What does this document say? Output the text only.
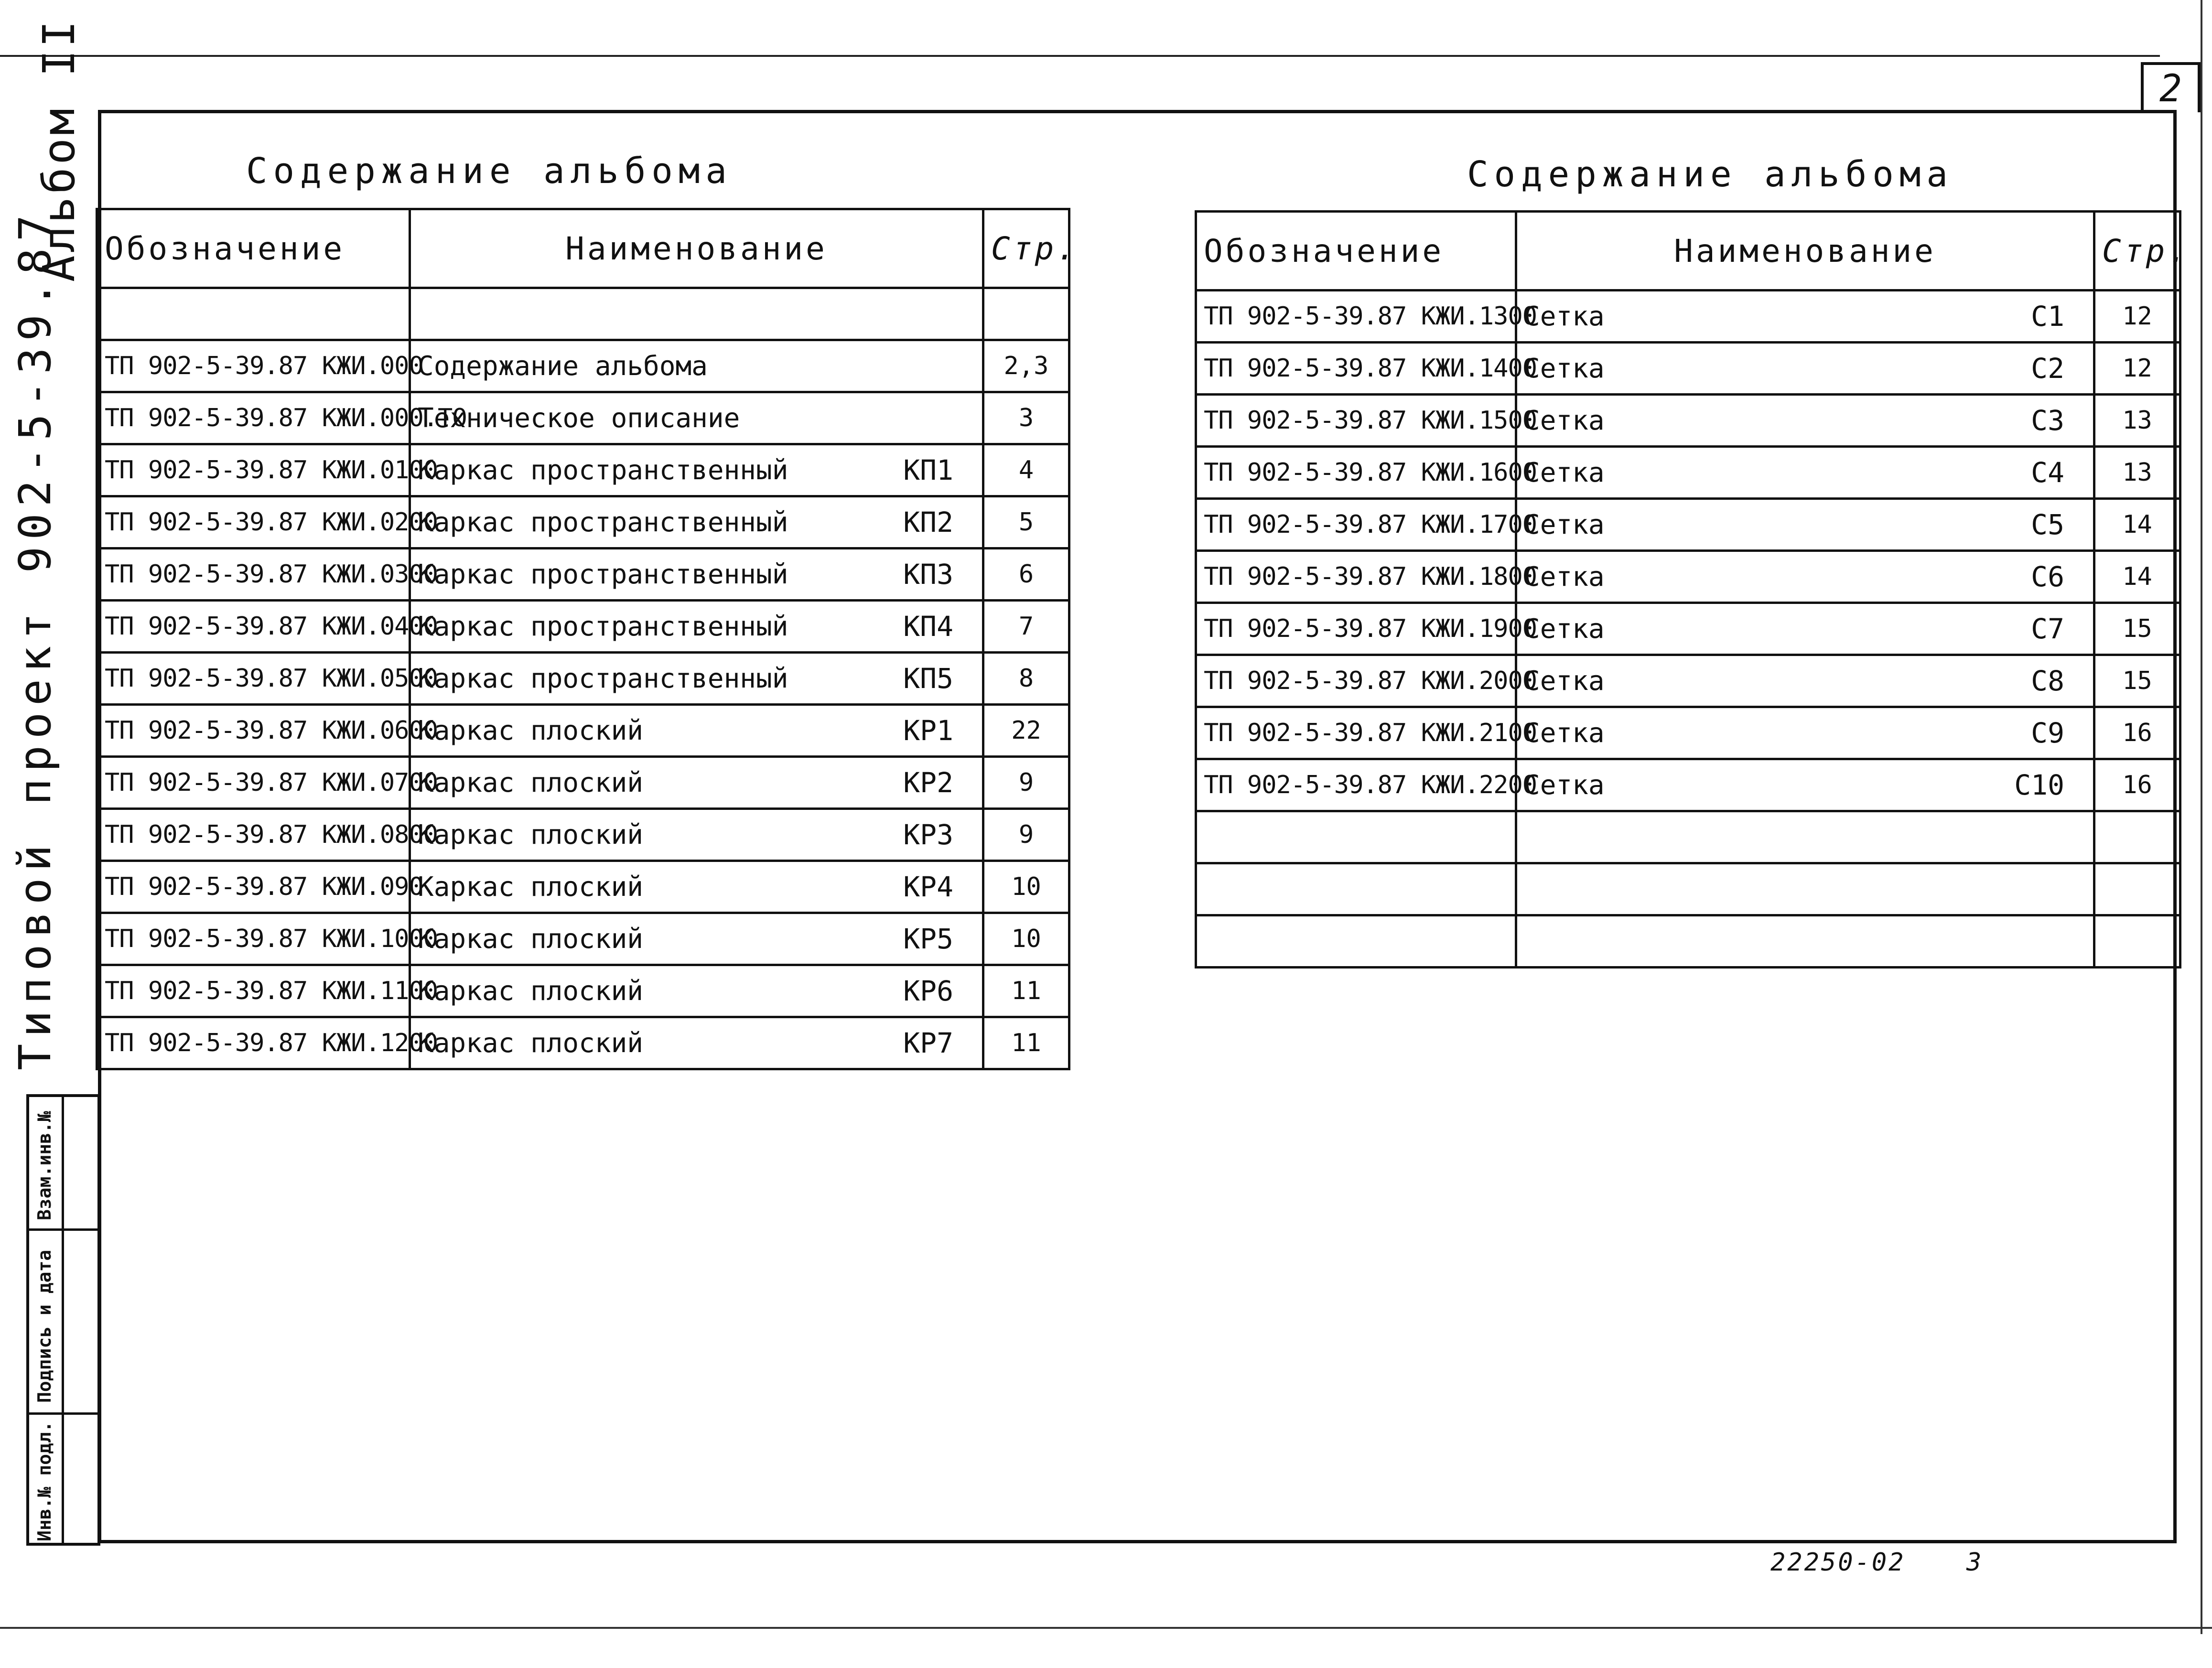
2
Альбом II
Типовой проект 902-5-39.87
Взам.инв.№
Подпись и дата
Инв.№ подл.
Содержание альбома
Обозначение	Наименование	Стр.

ТП 902-5-39.87 КЖИ.000	Содержание альбома	2,3
ТП 902-5-39.87 КЖИ.000.ТО	Техническое описание	3
ТП 902-5-39.87 КЖИ.0100	Каркас пространственный КП1	4
ТП 902-5-39.87 КЖИ.0200	Каркас пространственный КП2	5
ТП 902-5-39.87 КЖИ.0300	Каркас пространственный КП3	6
ТП 902-5-39.87 КЖИ.0400	Каркас пространственный КП4	7
ТП 902-5-39.87 КЖИ.0500	Каркас пространственный КП5	8
ТП 902-5-39.87 КЖИ.0600	Каркас плоский КР1	22
ТП 902-5-39.87 КЖИ.0700	Каркас плоский КР2	9
ТП 902-5-39.87 КЖИ.0800	Каркас плоский КР3	9
ТП 902-5-39.87 КЖИ.090	Каркас плоский КР4	10
ТП 902-5-39.87 КЖИ.1000	Каркас плоский КР5	10
ТП 902-5-39.87 КЖИ.1100	Каркас плоский КР6	11
ТП 902-5-39.87 КЖИ.1200	Каркас плоский КР7	11
Содержание альбома
Обозначение	Наименование	Стр.
ТП 902-5-39.87 КЖИ.1300	Сетка С1	12
ТП 902-5-39.87 КЖИ.1400	Сетка С2	12
ТП 902-5-39.87 КЖИ.1500	Сетка С3	13
ТП 902-5-39.87 КЖИ.1600	Сетка С4	13
ТП 902-5-39.87 КЖИ.1700	Сетка С5	14
ТП 902-5-39.87 КЖИ.1800	Сетка С6	14
ТП 902-5-39.87 КЖИ.1900	Сетка С7	15
ТП 902-5-39.87 КЖИ.2000	Сетка С8	15
ТП 902-5-39.87 КЖИ.2100	Сетка С9	16
ТП 902-5-39.87 КЖИ.2200	Сетка С10	16

22250-02 3
